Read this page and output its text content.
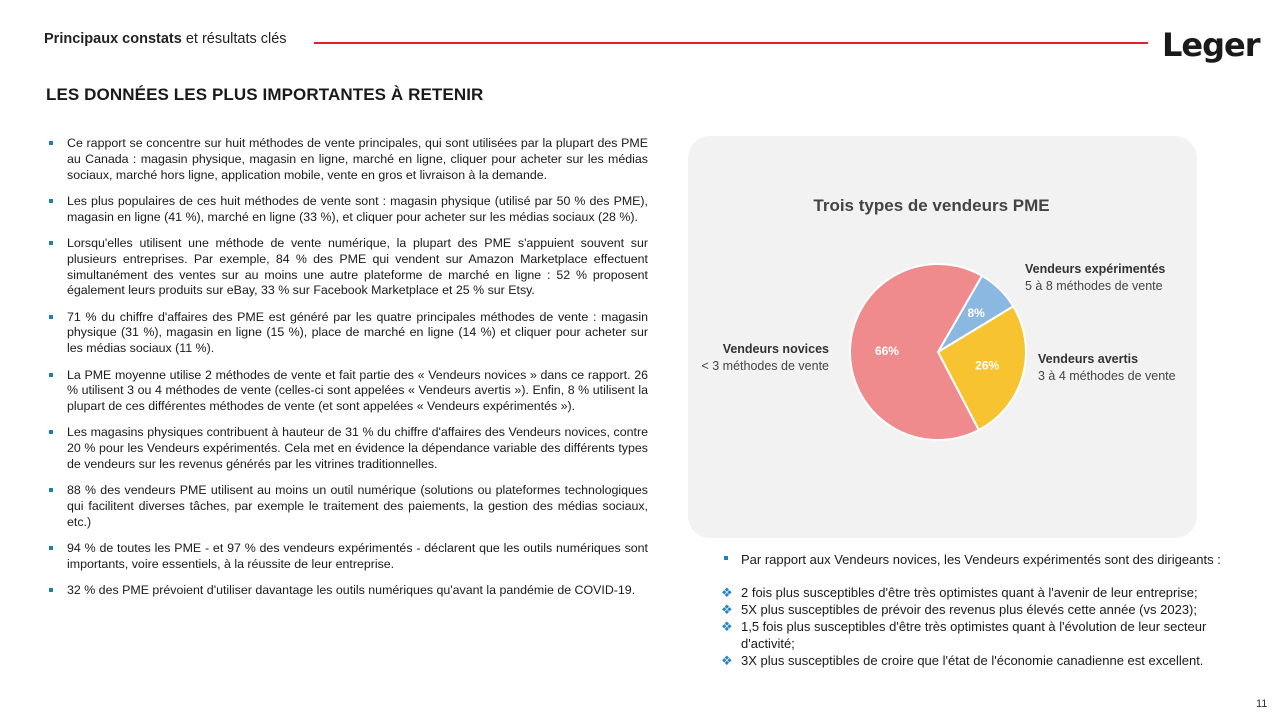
Principaux constats et résultats clés	Leger
LES DONNÉES LES PLUS IMPORTANTES À RETENIR
Ce rapport se concentre sur huit méthodes de vente principales, qui sont utilisées par la plupart des PME au Canada : magasin physique, magasin en ligne, marché en ligne, cliquer pour acheter sur les médias sociaux, marché hors ligne, application mobile, vente en gros et livraison à la demande.
Les plus populaires de ces huit méthodes de vente sont : magasin physique (utilisé par 50 % des PME), magasin en ligne (41 %), marché en ligne (33 %), et cliquer pour acheter sur les médias sociaux (28 %).
Lorsqu'elles utilisent une méthode de vente numérique, la plupart des PME s'appuient souvent sur plusieurs entreprises. Par exemple, 84 % des PME qui vendent sur Amazon Marketplace effectuent simultanément des ventes sur au moins une autre plateforme de marché en ligne : 52 % proposent également leurs produits sur eBay, 33 % sur Facebook Marketplace et 25 % sur Etsy.
71 % du chiffre d'affaires des PME est généré par les quatre principales méthodes de vente : magasin physique (31 %), magasin en ligne (15 %), place de marché en ligne (14 %) et cliquer pour acheter sur les médias sociaux (11 %).
La PME moyenne utilise 2 méthodes de vente et fait partie des « Vendeurs novices » dans ce rapport. 26 % utilisent 3 ou 4 méthodes de vente (celles-ci sont appelées « Vendeurs avertis »). Enfin, 8 % utilisent la plupart de ces différentes méthodes de vente (et sont appelées « Vendeurs expérimentés »).
Les magasins physiques contribuent à hauteur de 31 % du chiffre d'affaires des Vendeurs novices, contre 20 % pour les Vendeurs expérimentés. Cela met en évidence la dépendance variable des différents types de vendeurs sur les revenus générés par les vitrines traditionnelles.
88 % des vendeurs PME utilisent au moins un outil numérique (solutions ou plateformes technologiques qui facilitent diverses tâches, par exemple le traitement des paiements, la gestion des médias sociaux, etc.)
94 % de toutes les PME - et 97 % des vendeurs expérimentés - déclarent que les outils numériques sont importants, voire essentiels, à la réussite de leur entreprise.
32 % des PME prévoient d'utiliser davantage les outils numériques qu'avant la pandémie de COVID-19.
Trois types de vendeurs PME
8%
26%
66%
Vendeurs expérimentés
5 à 8 méthodes de vente
Vendeurs avertis
3 à 4 méthodes de vente
Vendeurs novices
< 3 méthodes de vente
Par rapport aux Vendeurs novices, les Vendeurs expérimentés sont des dirigeants :
❖ 2 fois plus susceptibles d'être très optimistes quant à l'avenir de leur entreprise;
❖ 5X plus susceptibles de prévoir des revenus plus élevés cette année (vs 2023);
❖ 1,5 fois plus susceptibles d'être très optimistes quant à l'évolution de leur secteur d'activité;
❖ 3X plus susceptibles de croire que l'état de l'économie canadienne est excellent.
11
